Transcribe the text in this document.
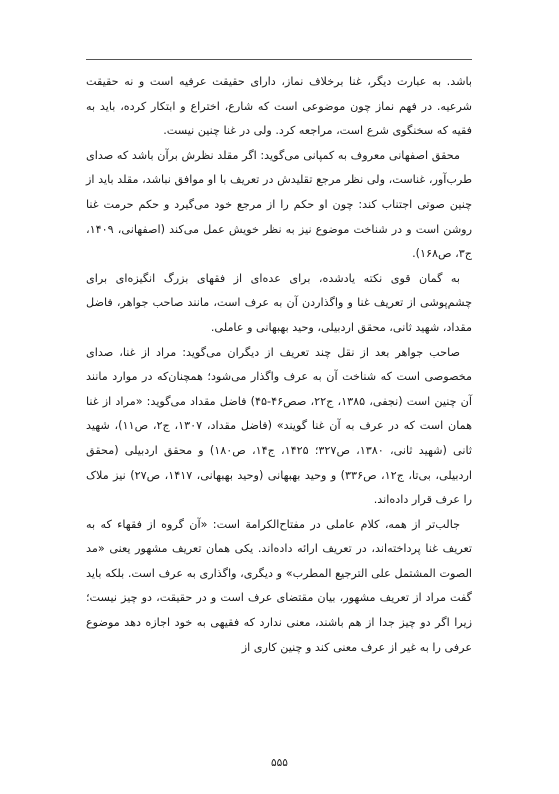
باشد. به عبارت دیگر، غنا برخلاف نماز، دارای حقیقت عرفیه است و نه حقیقت شرعیه. در فهم نماز چون موضوعی است که شارع، اختراع و ابتکار کرده، باید به فقیه که سخنگوی شرع است، مراجعه کرد. ولی در غنا چنین نیست.

محقق اصفهانی معروف به کمپانی می‌گوید: اگر مقلد نظرش برآن باشد که صدای طرب‌آور، غناست، ولی نظر مرجع تقلیدش در تعریف با او موافق نباشد، مقلد باید از چنین صوتی اجتناب کند: چون او حکم را از مرجع خود می‌گیرد و حکم حرمت غنا روشن است و در شناخت موضوع نیز به نظر خویش عمل می‌کند (اصفهانی، ۱۴۰۹، ج۳، ص۱۶۸).

به گمان قوی نکته یادشده، برای عده‌ای از فقهای بزرگ انگیزه‌ای برای چشم‌پوشی از تعریف غنا و واگذاردن آن به عرف است، مانند صاحب جواهر، فاضل مقداد، شهید ثانی، محقق اردبیلی، وحید بهبهانی و عاملی.

صاحب جواهر بعد از نقل چند تعریف از دیگران می‌گوید: مراد از غنا، صدای مخصوصی است که شناخت آن به عرف واگذار می‌شود؛ همچنان‌که در موارد مانند آن چنین است (نجفی، ۱۳۸۵، ج۲۲، صص۴۶-۴۵) فاضل مقداد می‌گوید: «مراد از غنا همان است که در عرف به آن غنا گویند» (فاضل مقداد، ۱۳۰۷، ج۲، ص۱۱)، شهید ثانی (شهید ثانی، ۱۳۸۰، ص۳۲۷؛ ۱۴۲۵، ج۱۴، ص۱۸۰) و محقق اردبیلی (محقق اردبیلی، بی‌تا، ج۱۲، ص۳۳۶) و وحید بهبهانی (وحید بهبهانی، ۱۴۱۷، ص۲۷) نیز ملاک را عرف قرار داده‌اند.

جالب‌تر از همه، کلام عاملی در مفتاح‌الکرامة است: «آن گروه از فقهاء که به تعریف غنا پرداخته‌اند، در تعریف ارائه داده‌اند. یکی همان تعریف مشهور یعنی «مد الصوت المشتمل علی الترجیع المطرب» و دیگری، واگذاری به عرف است. بلکه باید گفت مراد از تعریف مشهور، بیان مقتضای عرف است و در حقیقت، دو چیز نیست؛ زیرا اگر دو چیز جدا از هم باشند، معنی ندارد که فقیهی به خود اجازه دهد موضوع عرفی را به غیر از عرف معنی کند و چنین کاری از

۵۵۵
